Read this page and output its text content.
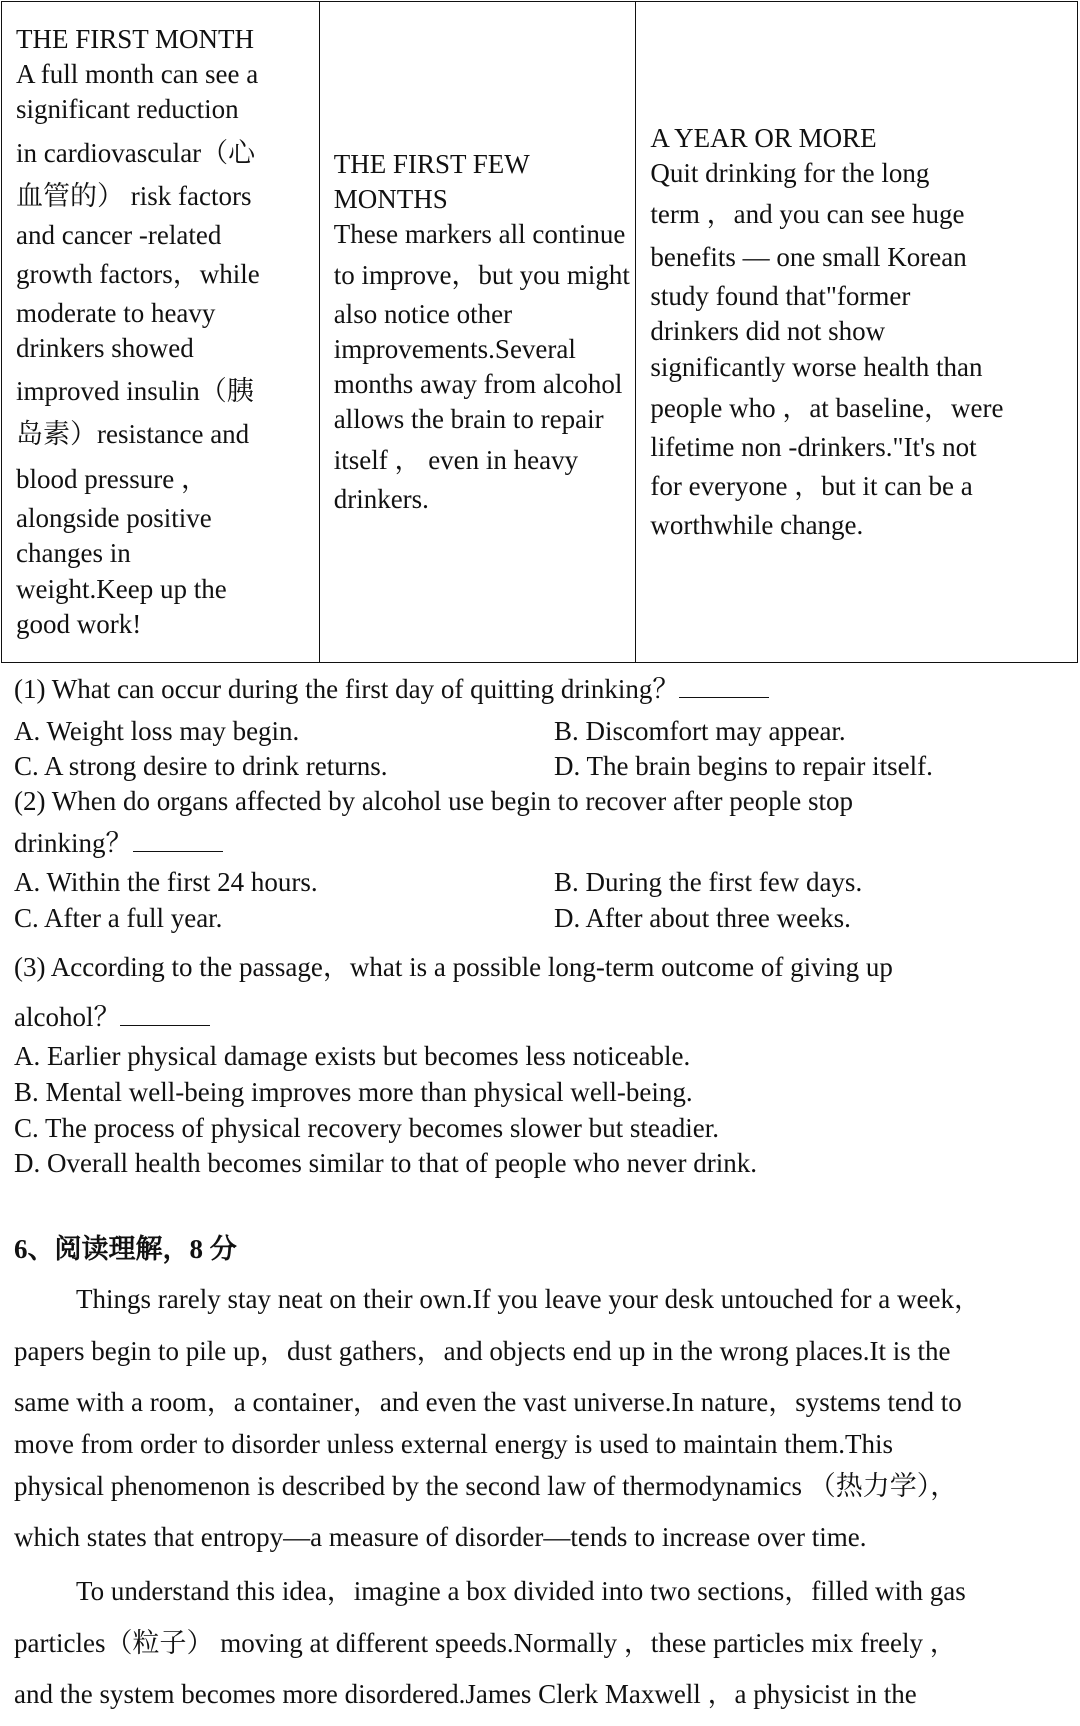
THE FIRST MONTH
A full month can see a
significant reduction
in cardiovascular（心
血管的） risk factors
and cancer -related
growth factors，while
moderate to heavy
drinkers showed
improved insulin（胰
岛素）resistance and
blood pressure ，
alongside positive
changes in
weight.Keep up the
good work!

THE FIRST FEW
MONTHS
These markers all continue
to improve，but you might
also notice other
improvements.Several
months away from alcohol
allows the brain to repair
itself ， even in heavy
drinkers.

A YEAR OR MORE
Quit drinking for the long
term ，and you can see huge
benefits — one small Korean
study found that"former
drinkers did not show
significantly worse health than
people who ，at baseline，were
lifetime non -drinkers."It's not
for everyone ，but it can be a
worthwhile change.
(1) What can occur during the first day of quitting drinking？
A. Weight loss may begin.	B. Discomfort may appear.
C. A strong desire to drink returns.	D. The brain begins to repair itself.
(2) When do organs affected by alcohol use begin to recover after people stop
drinking？
A. Within the first 24 hours.	B. During the first few days.
C. After a full year.	D. After about three weeks.
(3) According to the passage，what is a possible long-term outcome of giving up
alcohol？
A. Earlier physical damage exists but becomes less noticeable.
B. Mental well-being improves more than physical well-being.
C. The process of physical recovery becomes slower but steadier.
D. Overall health becomes similar to that of people who never drink.
6、阅读理解，8 分
Things rarely stay neat on their own.If you leave your desk untouched for a week，
papers begin to pile up，dust gathers，and objects end up in the wrong places.It is the
same with a room，a container，and even the vast universe.In nature，systems tend to
move from order to disorder unless external energy is used to maintain them.This
physical phenomenon is described by the second law of thermodynamics （热力学），
which states that entropy—a measure of disorder—tends to increase over time.
To understand this idea，imagine a box divided into two sections，filled with gas
particles（粒子） moving at different speeds.Normally ，these particles mix freely ，
and the system becomes more disordered.James Clerk Maxwell ，a physicist in the
